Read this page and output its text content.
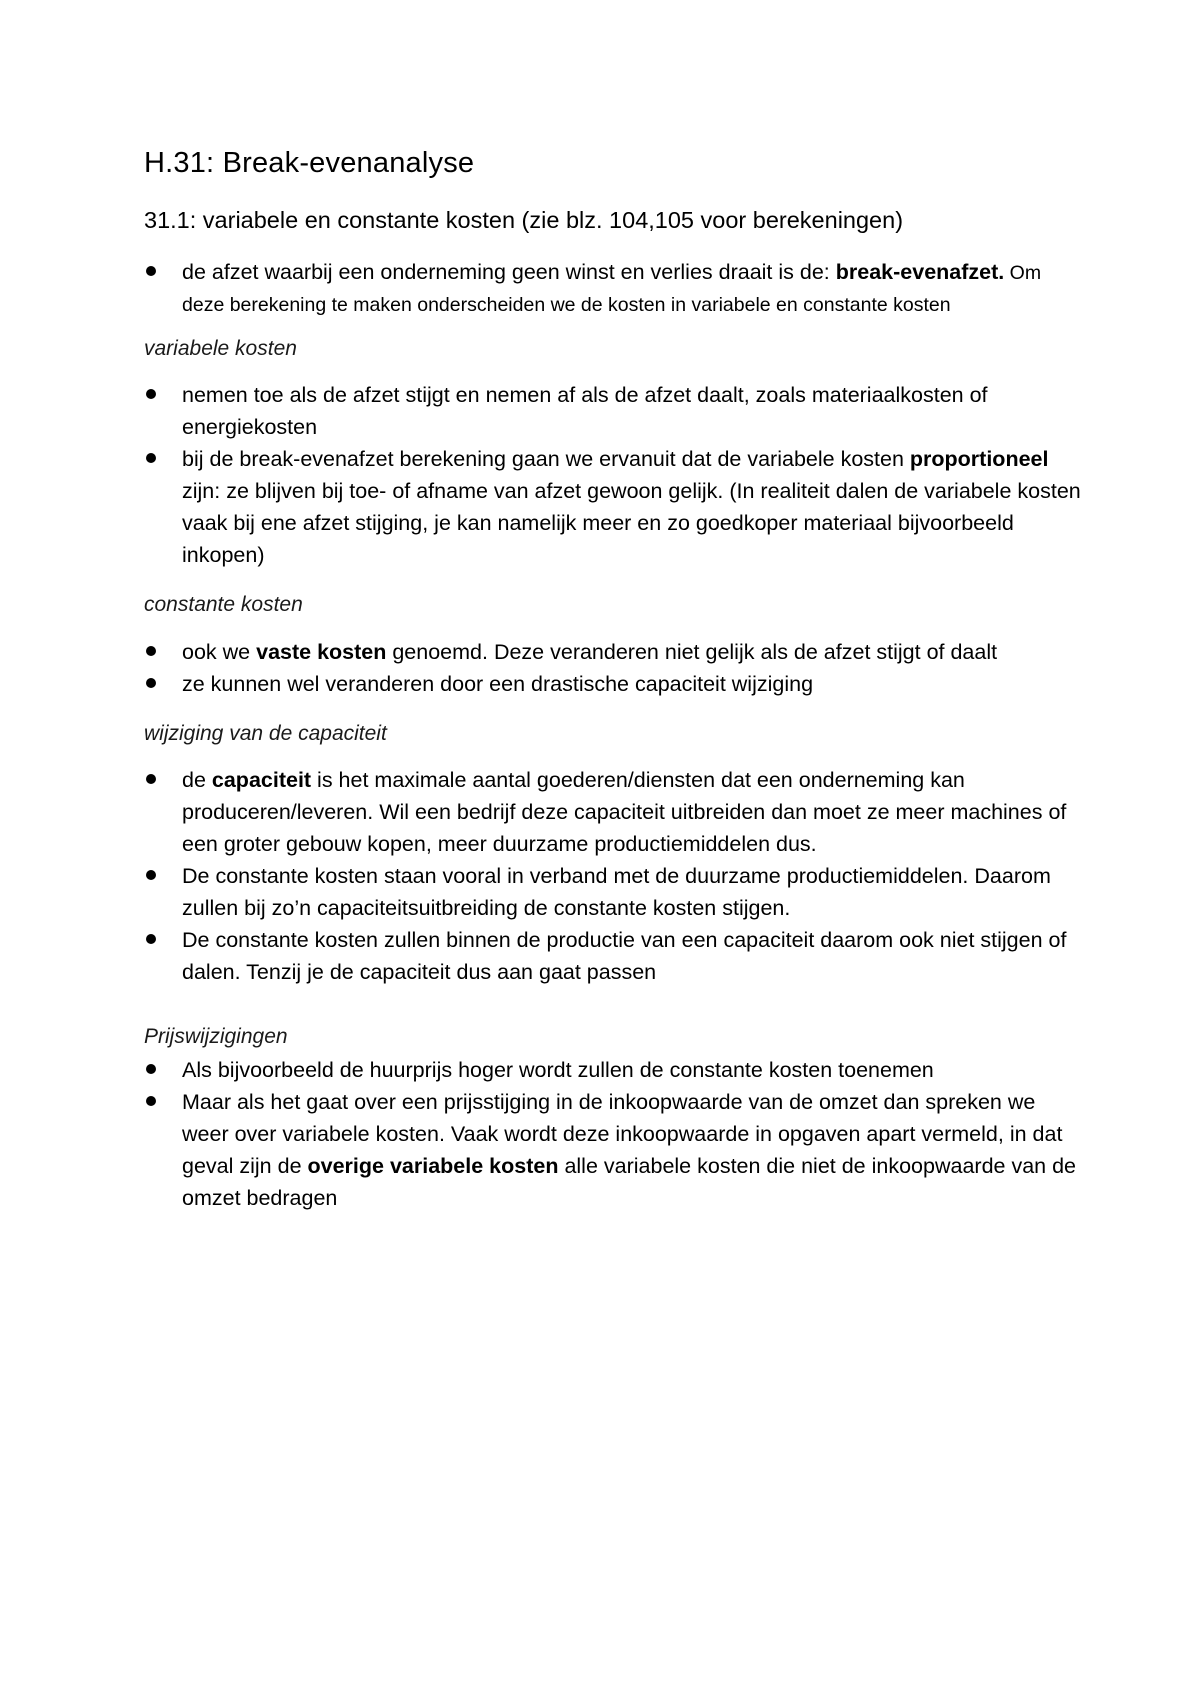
H.31: Break-evenanalyse
31.1: variabele en constante kosten (zie blz. 104,105 voor berekeningen)
de afzet waarbij een onderneming geen winst en verlies draait is de: break-evenafzet. Om
deze berekening te maken onderscheiden we de kosten in variabele en constante kosten
variabele kosten
nemen toe als de afzet stijgt en nemen af als de afzet daalt, zoals materiaalkosten of energiekosten
bij de break-evenafzet berekening gaan we ervanuit dat de variabele kosten proportioneel zijn: ze blijven bij toe- of afname van afzet gewoon gelijk. (In realiteit dalen de variabele kosten vaak bij ene afzet stijging, je kan namelijk meer en zo goedkoper materiaal bijvoorbeeld inkopen)
constante kosten
ook we vaste kosten genoemd. Deze veranderen niet gelijk als de afzet stijgt of daalt
ze kunnen wel veranderen door een drastische capaciteit wijziging
wijziging van de capaciteit
de capaciteit is het maximale aantal goederen/diensten dat een onderneming kan produceren/leveren. Wil een bedrijf deze capaciteit uitbreiden dan moet ze meer machines of een groter gebouw kopen, meer duurzame productiemiddelen dus.
De constante kosten staan vooral in verband met de duurzame productiemiddelen. Daarom zullen bij zo’n capaciteitsuitbreiding de constante kosten stijgen.
De constante kosten zullen binnen de productie van een capaciteit daarom ook niet stijgen of dalen. Tenzij je de capaciteit dus aan gaat passen
Prijswijzigingen
Als bijvoorbeeld de huurprijs hoger wordt zullen de constante kosten toenemen
Maar als het gaat over een prijsstijging in de inkoopwaarde van de omzet dan spreken we weer over variabele kosten. Vaak wordt deze inkoopwaarde in opgaven apart vermeld, in dat geval zijn de overige variabele kosten alle variabele kosten die niet de inkoopwaarde van de omzet bedragen
